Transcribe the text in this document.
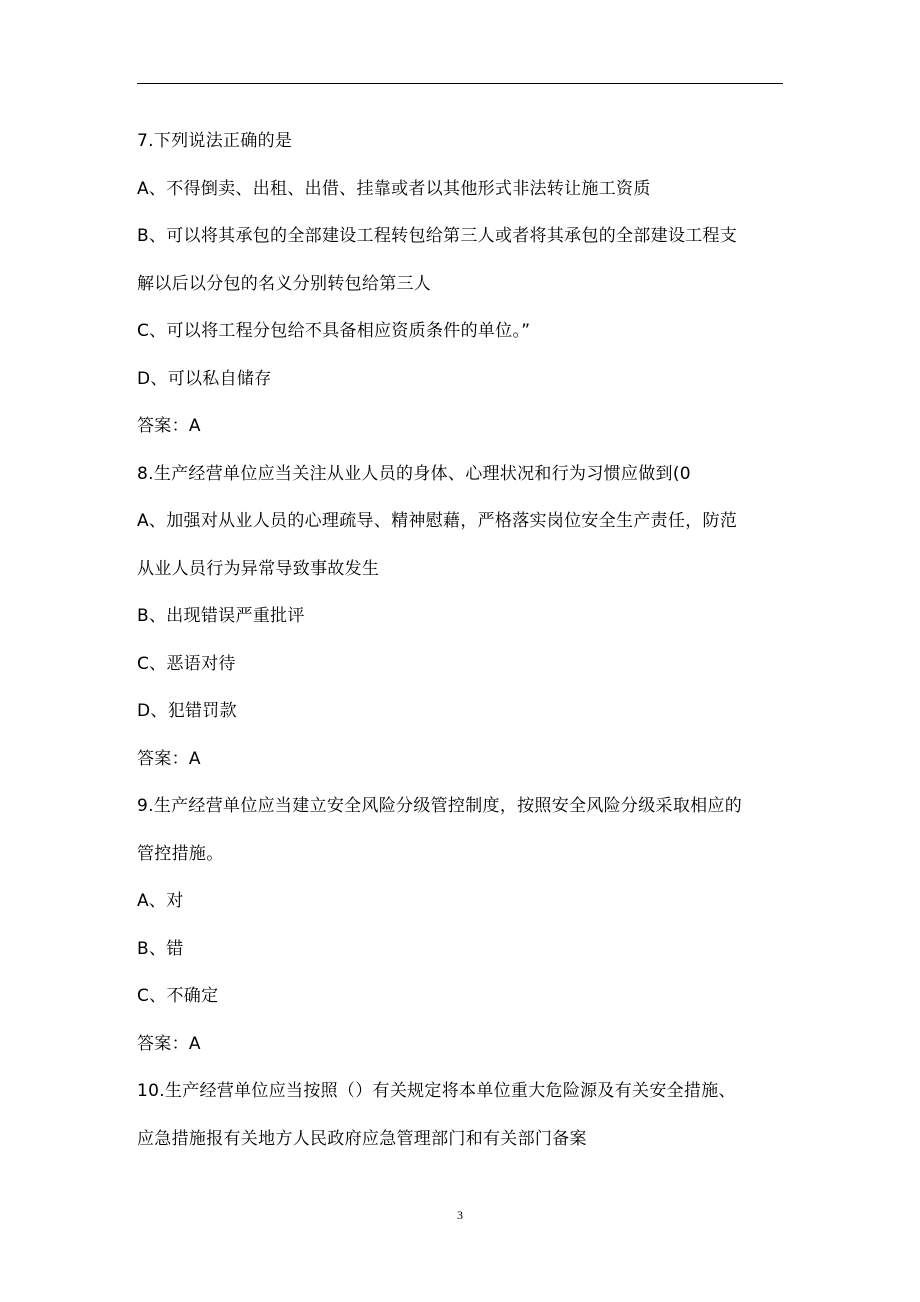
7.下列说法正确的是
A、不得倒卖、出租、出借、挂靠或者以其他形式非法转让施工资质
B、可以将其承包的全部建设工程转包给第三人或者将其承包的全部建设工程支
解以后以分包的名义分别转包给第三人
C、可以将工程分包给不具备相应资质条件的单位。”
D、可以私自储存
答案：A
8.生产经营单位应当关注从业人员的身体、心理状况和行为习惯应做到(0
A、加强对从业人员的心理疏导、精神慰藉，严格落实岗位安全生产责任，防范
从业人员行为异常导致事故发生
B、出现错误严重批评
C、恶语对待
D、犯错罚款
答案：A
9.生产经营单位应当建立安全风险分级管控制度，按照安全风险分级采取相应的
管控措施。
A、对
B、错
C、不确定
答案：A
10.生产经营单位应当按照（）有关规定将本单位重大危险源及有关安全措施、
应急措施报有关地方人民政府应急管理部门和有关部门备案
3
